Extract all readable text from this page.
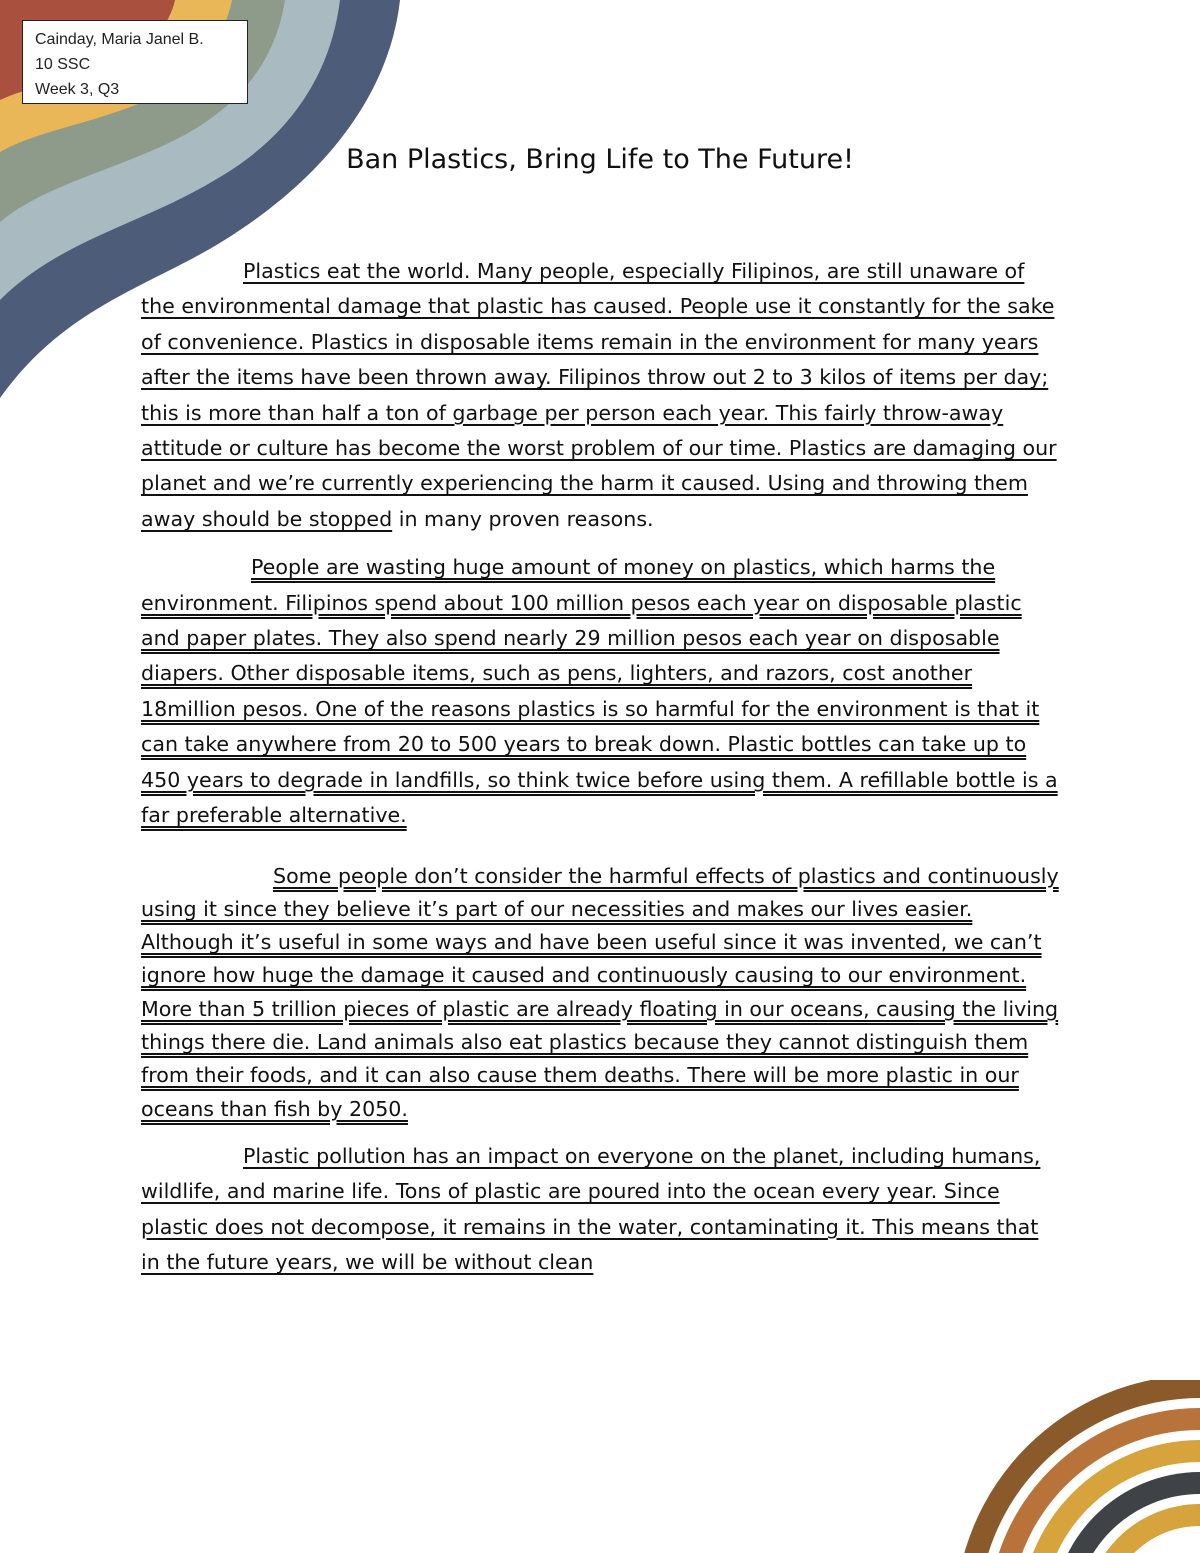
Cainday, Maria Janel B.
10 SSC
Week 3, Q3
Ban Plastics, Bring Life to The Future!

Plastics eat the world. Many people, especially Filipinos, are still unaware of the environmental damage that plastic has caused. People use it constantly for the sake of convenience. Plastics in disposable items remain in the environment for many years after the items have been thrown away. Filipinos throw out 2 to 3 kilos of items per day; this is more than half a ton of garbage per person each year. This fairly throw-away attitude or culture has become the worst problem of our time. Plastics are damaging our planet and we’re currently experiencing the harm it caused. Using and throwing them away should be stopped in many proven reasons.

People are wasting huge amount of money on plastics, which harms the environment. Filipinos spend about 100 million pesos each year on disposable plastic and paper plates. They also spend nearly 29 million pesos each year on disposable diapers. Other disposable items, such as pens, lighters, and razors, cost another 18million pesos. One of the reasons plastics is so harmful for the environment is that it can take anywhere from 20 to 500 years to break down. Plastic bottles can take up to 450 years to degrade in landfills, so think twice before using them. A refillable bottle is a far preferable alternative.

Some people don’t consider the harmful effects of plastics and continuously using it since they believe it’s part of our necessities and makes our lives easier. Although it’s useful in some ways and have been useful since it was invented, we can’t ignore how huge the damage it caused and continuously causing to our environment. More than 5 trillion pieces of plastic are already floating in our oceans, causing the living things there die. Land animals also eat plastics because they cannot distinguish them from their foods, and it can also cause them deaths. There will be more plastic in our oceans than fish by 2050.

Plastic pollution has an impact on everyone on the planet, including humans, wildlife, and marine life. Tons of plastic are poured into the ocean every year. Since plastic does not decompose, it remains in the water, contaminating it. This means that in the future years, we will be without clean
